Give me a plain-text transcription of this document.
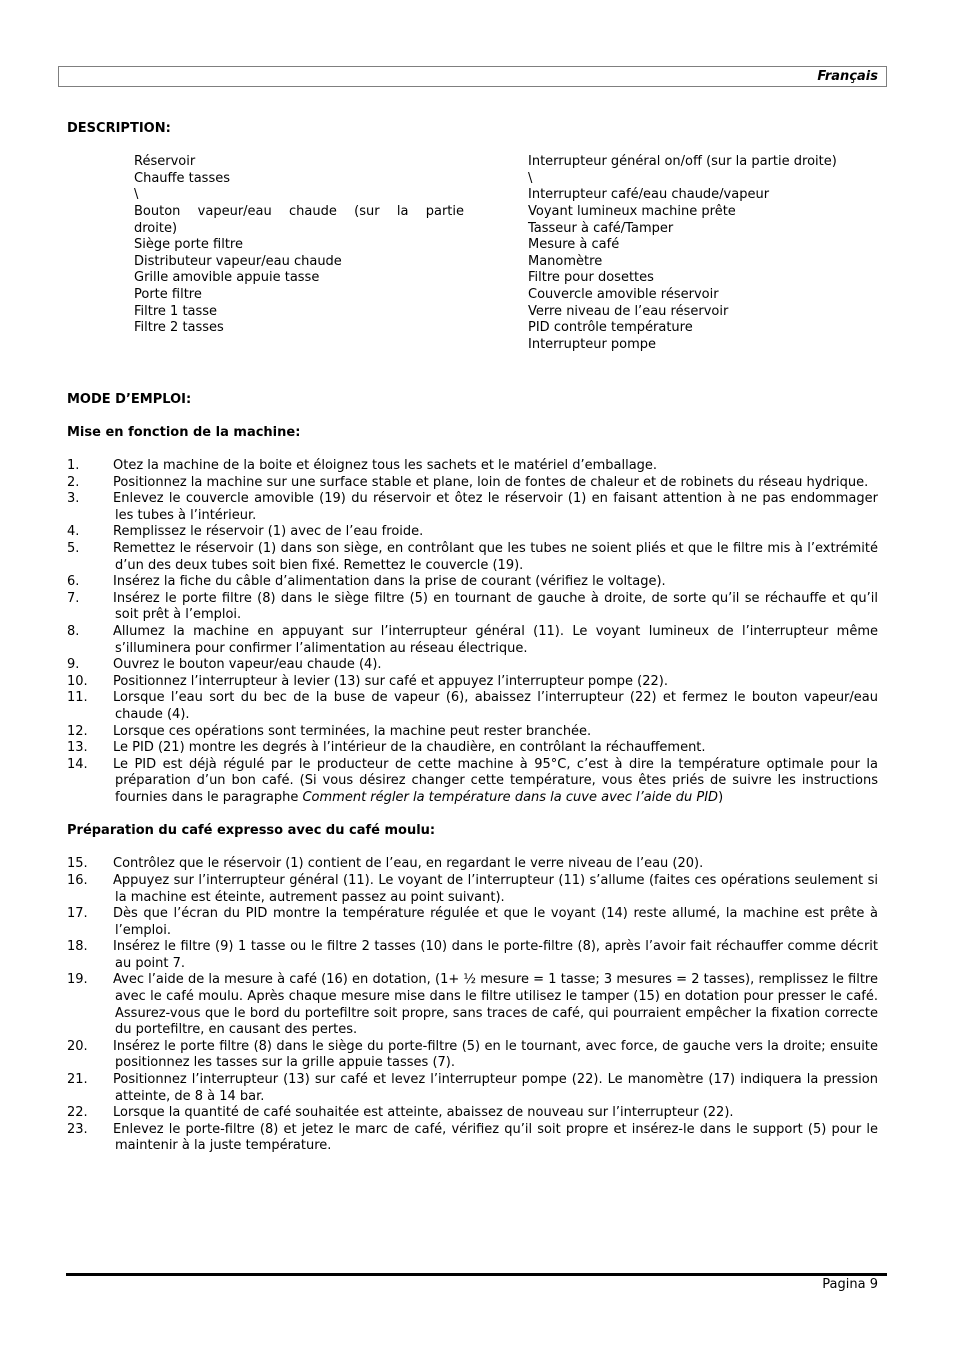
Français
DESCRIPTION:
Réservoir
Chauffe tasses
\
Bouton vapeur/eau chaude (sur la partie droite)
Siège porte filtre
Distributeur vapeur/eau chaude
Grille amovible appuie tasse
Porte filtre
Filtre 1 tasse
Filtre 2 tasses
Interrupteur général on/off (sur la partie droite)
\
Interrupteur café/eau chaude/vapeur
Voyant lumineux machine prête
Tasseur à café/Tamper
Mesure à café
Manomètre
Filtre pour dosettes
Couvercle amovible réservoir
Verre niveau de l’eau réservoir
PID contrôle température
Interrupteur pompe
MODE D’EMPLOI:
Mise en fonction de la machine:
1.	Otez la machine de la boite et éloignez tous les sachets et le matériel d’emballage.
2.	Positionnez la machine sur une surface stable et plane, loin de fontes de chaleur et de robinets du réseau hydrique.
3.	Enlevez le couvercle amovible (19) du réservoir et ôtez le réservoir (1) en faisant attention à ne pas endommager les tubes à l’intérieur.
4.	Remplissez le réservoir (1) avec de l’eau froide.
5.	Remettez le réservoir (1) dans son siège, en contrôlant que les tubes ne soient pliés et que le filtre mis à l’extrémité d’un des deux tubes soit bien fixé. Remettez le couvercle (19).
6.	Insérez la fiche du câble d’alimentation dans la prise de courant (vérifiez le voltage).
7.	Insérez le porte filtre (8) dans le siège filtre (5) en tournant de gauche à droite, de sorte qu’il se réchauffe et qu’il soit prêt à l’emploi.
8.	Allumez la machine en appuyant sur l’interrupteur général (11). Le voyant lumineux de l’interrupteur même s’illuminera pour confirmer l’alimentation au réseau électrique.
9.	Ouvrez le bouton vapeur/eau chaude (4).
10.	Positionnez l’interrupteur à levier (13) sur café et appuyez l’interrupteur pompe (22).
11.	Lorsque l’eau sort du bec de la buse de vapeur (6), abaissez l’interrupteur (22) et fermez le bouton vapeur/eau chaude (4).
12.	Lorsque ces opérations sont terminées, la machine peut rester branchée.
13.	Le PID (21) montre les degrés à l’intérieur de la chaudière, en contrôlant la réchauffement.
14.	Le PID est déjà régulé par le producteur de cette machine à 95°C, c’est à dire la température optimale pour la préparation d’un bon café. (Si vous désirez changer cette température, vous êtes priés de suivre les instructions fournies dans le paragraphe Comment régler la température dans la cuve avec l’aide du PID)
Préparation du café expresso avec du café moulu:
15.	Contrôlez que le réservoir (1) contient de l’eau, en regardant le verre niveau de l’eau (20).
16.	Appuyez sur l’interrupteur général (11). Le voyant de l’interrupteur (11) s’allume (faites ces opérations seulement si la machine est éteinte, autrement passez au point suivant).
17.	Dès que l’écran du PID montre la température régulée et que le voyant (14) reste allumé, la machine est prête à l’emploi.
18.	Insérez le filtre (9) 1 tasse ou le filtre 2 tasses (10) dans le porte-filtre (8), après l’avoir fait réchauffer comme décrit au point 7.
19.	Avec l’aide de la mesure à café (16) en dotation, (1+ ½ mesure = 1 tasse; 3 mesures = 2 tasses), remplissez le filtre avec le café moulu. Après chaque mesure mise dans le filtre utilisez le tamper (15) en dotation pour presser le café. Assurez-vous que le bord du portefiltre soit propre, sans traces de café, qui pourraient empêcher la fixation correcte du portefiltre, en causant des pertes.
20.	Insérez le porte filtre (8) dans le siège du porte-filtre (5) en le tournant, avec force, de gauche vers la droite; ensuite positionnez les tasses sur la grille appuie tasses (7).
21.	Positionnez l’interrupteur (13) sur café et levez l’interrupteur pompe (22). Le manomètre (17) indiquera la pression atteinte, de 8 à 14 bar.
22.	Lorsque la quantité de café souhaitée est atteinte, abaissez de nouveau sur l’interrupteur (22).
23.	Enlevez le porte-filtre (8) et jetez le marc de café, vérifiez qu’il soit propre et insérez-le dans le support (5) pour le maintenir à la juste température.
Pagina 9
